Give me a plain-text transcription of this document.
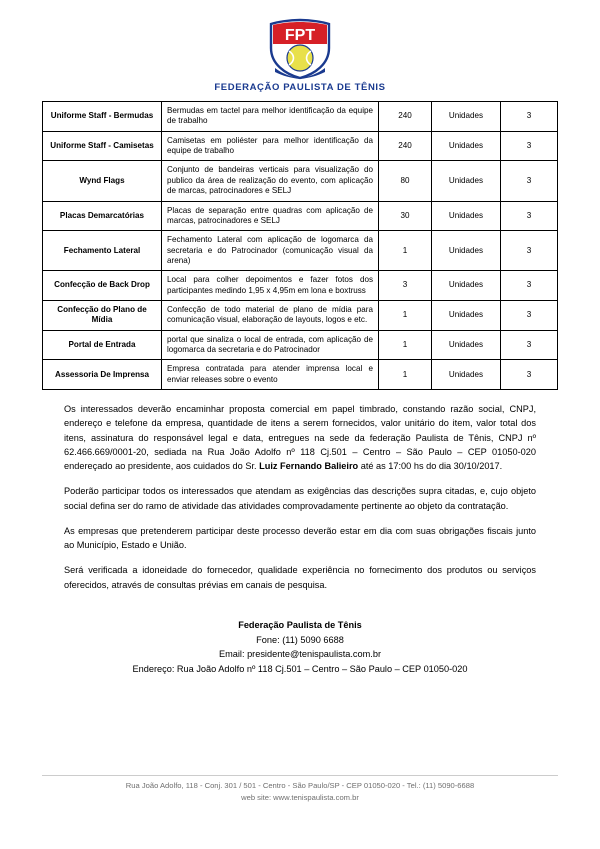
FPT
FEDERAÇÃO PAULISTA DE TÊNIS
Uniforme Staff - Bermudas	Bermudas em tactel para melhor identificação da equipe de trabalho	240	Unidades	3
Uniforme Staff - Camisetas	Camisetas em poliéster para melhor identificação da equipe de trabalho	240	Unidades	3
Wynd Flags	Conjunto de bandeiras verticais para visualização do publico da área de realização do evento, com aplicação de marcas, patrocinadores e SELJ	80	Unidades	3
Placas Demarcatórias	Placas de separação entre quadras com aplicação de marcas, patrocinadores e SELJ	30	Unidades	3
Fechamento Lateral	Fechamento Lateral com aplicação de logomarca da secretaria e do Patrocinador (comunicação visual da arena)	1	Unidades	3
Confecção de Back Drop	Local para colher depoimentos e fazer fotos dos participantes medindo 1,95 x 4,95m em lona e boxtruss	3	Unidades	3
Confecção do Plano de Mídia	Confecção de todo material de plano de mídia para comunicação visual, elaboração de layouts, logos e etc.	1	Unidades	3
Portal de Entrada	portal que sinaliza o local de entrada, com aplicação de logomarca da secretaria e do Patrocinador	1	Unidades	3
Assessoria De Imprensa	Empresa contratada para atender imprensa local e enviar releases sobre o evento	1	Unidades	3

Os interessados deverão encaminhar proposta comercial em papel timbrado, constando razão social, CNPJ, endereço e telefone da empresa, quantidade de itens a serem fornecidos, valor unitário do item, valor total dos itens, assinatura do responsável legal e data, entregues na sede da federação Paulista de Tênis, CNPJ nº 62.466.669/0001-20, sediada na Rua João Adolfo nº 118 Cj.501 – Centro – São Paulo – CEP 01050-020 endereçado ao presidente, aos cuidados do Sr. Luiz Fernando Balieiro até as 17:00 hs do dia 30/10/2017.

Poderão participar todos os interessados que atendam as exigências das descrições supra citadas, e, cujo objeto social defina ser do ramo de atividade das atividades comprovadamente pertinente ao objeto da contratação.

As empresas que pretenderem participar deste processo deverão estar em dia com suas obrigações fiscais junto ao Município, Estado e União.

Será verificada a idoneidade do fornecedor, qualidade experiência no fornecimento dos produtos ou serviços oferecidos, através de consultas prévias em canais de pesquisa.

Federação Paulista de Tênis
Fone: (11) 5090 6688
Email: presidente@tenispaulista.com.br
Endereço: Rua João Adolfo nº 118 Cj.501 – Centro – São Paulo – CEP 01050-020
Rua João Adolfo, 118 - Conj. 301 / 501 - Centro - São Paulo/SP - CEP 01050-020 - Tel.: (11) 5090-6688
web site: www.tenispaulista.com.br
